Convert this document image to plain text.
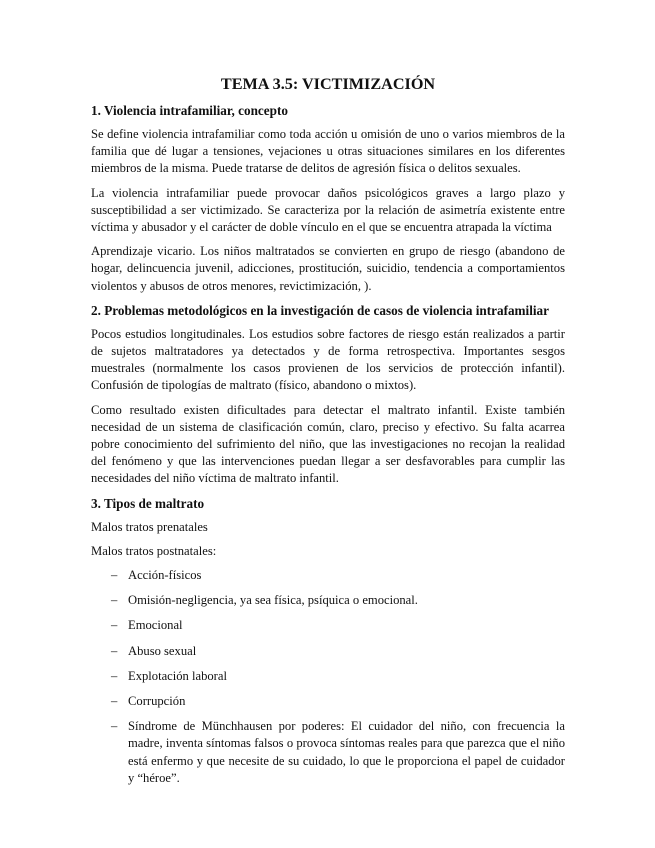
TEMA 3.5: VICTIMIZACIÓN
1. Violencia intrafamiliar, concepto

Se define violencia intrafamiliar como toda acción u omisión de uno o varios miembros de la familia que dé lugar a tensiones, vejaciones u otras situaciones similares en los diferentes miembros de la misma. Puede tratarse de delitos de agresión física o delitos sexuales.

La violencia intrafamiliar puede provocar daños psicológicos graves a largo plazo y susceptibilidad a ser victimizado. Se caracteriza por la relación de asimetría existente entre víctima y abusador y el carácter de doble vínculo en el que se encuentra atrapada la víctima

Aprendizaje vicario. Los niños maltratados se convierten en grupo de riesgo (abandono de hogar, delincuencia juvenil, adicciones, prostitución, suicidio, tendencia a comportamientos violentos y abusos de otros menores, revictimización, ).

2. Problemas metodológicos en la investigación de casos de violencia intrafamiliar

Pocos estudios longitudinales. Los estudios sobre factores de riesgo están realizados a partir de sujetos maltratadores ya detectados y de forma retrospectiva. Importantes sesgos muestrales (normalmente los casos provienen de los servicios de protección infantil). Confusión de tipologías de maltrato (físico, abandono o mixtos).

Como resultado existen dificultades para detectar el maltrato infantil. Existe también necesidad de un sistema de clasificación común, claro, preciso y efectivo. Su falta acarrea pobre conocimiento del sufrimiento del niño, que las investigaciones no recojan la realidad del fenómeno y que las intervenciones puedan llegar a ser desfavorables para cumplir las necesidades del niño víctima de maltrato infantil.

3. Tipos de maltrato

Malos tratos prenatales

Malos tratos postnatales:

– Acción-físicos
– Omisión-negligencia, ya sea física, psíquica o emocional.
– Emocional
– Abuso sexual
– Explotación laboral
– Corrupción
– Síndrome de Münchhausen por poderes: El cuidador del niño, con frecuencia la madre, inventa síntomas falsos o provoca síntomas reales para que parezca que el niño está enfermo y que necesite de su cuidado, lo que le proporciona el papel de cuidador y “héroe”.
